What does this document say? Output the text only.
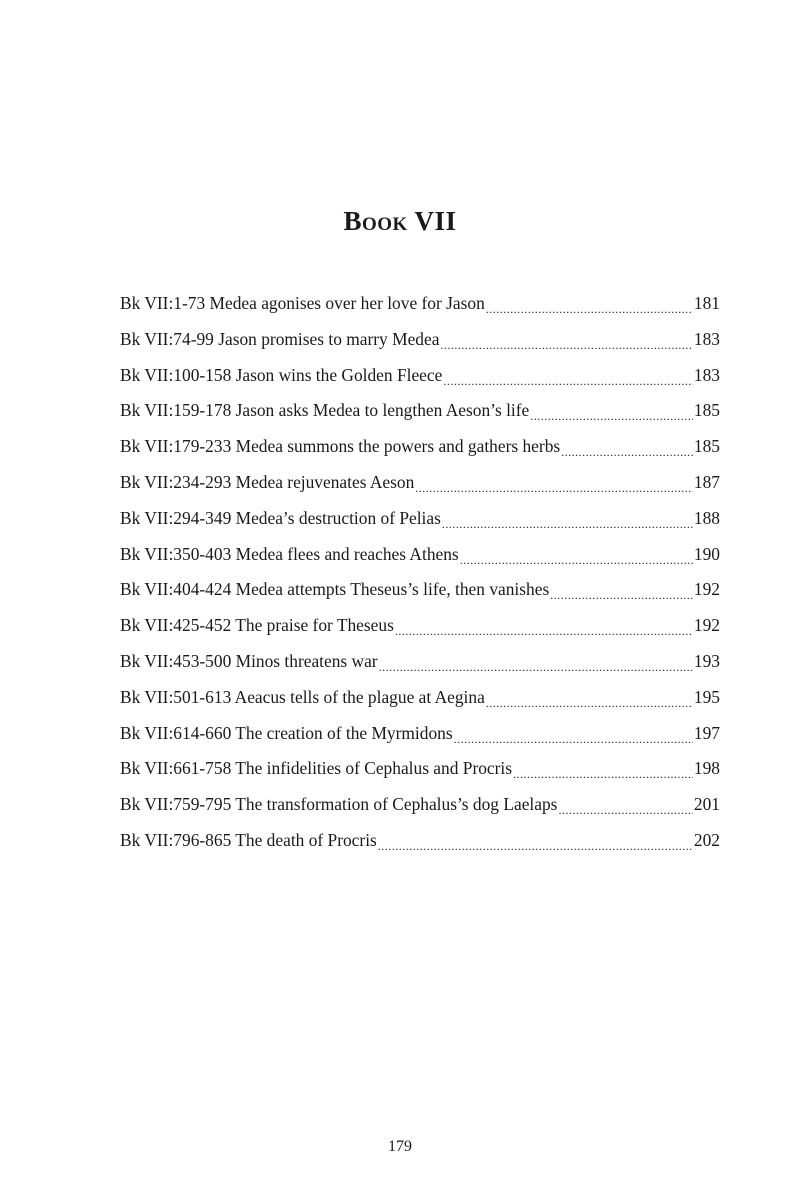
Book VII
Bk VII:1-73 Medea agonises over her love for Jason .....	181
Bk VII:74-99 Jason promises to marry Medea .....	183
Bk VII:100-158 Jason wins the Golden Fleece .....	183
Bk VII:159-178 Jason asks Medea to lengthen Aeson’s life .....	185
Bk VII:179-233 Medea summons the powers and gathers herbs .....	185
Bk VII:234-293 Medea rejuvenates Aeson .....	187
Bk VII:294-349 Medea’s destruction of Pelias .....	188
Bk VII:350-403 Medea flees and reaches Athens .....	190
Bk VII:404-424 Medea attempts Theseus’s life, then vanishes .....	192
Bk VII:425-452 The praise for Theseus .....	192
Bk VII:453-500 Minos threatens war .....	193
Bk VII:501-613 Aeacus tells of the plague at Aegina .....	195
Bk VII:614-660 The creation of the Myrmidons .....	197
Bk VII:661-758 The infidelities of Cephalus and Procris .....	198
Bk VII:759-795 The transformation of Cephalus’s dog Laelaps .....	201
Bk VII:796-865 The death of Procris .....	202

179
